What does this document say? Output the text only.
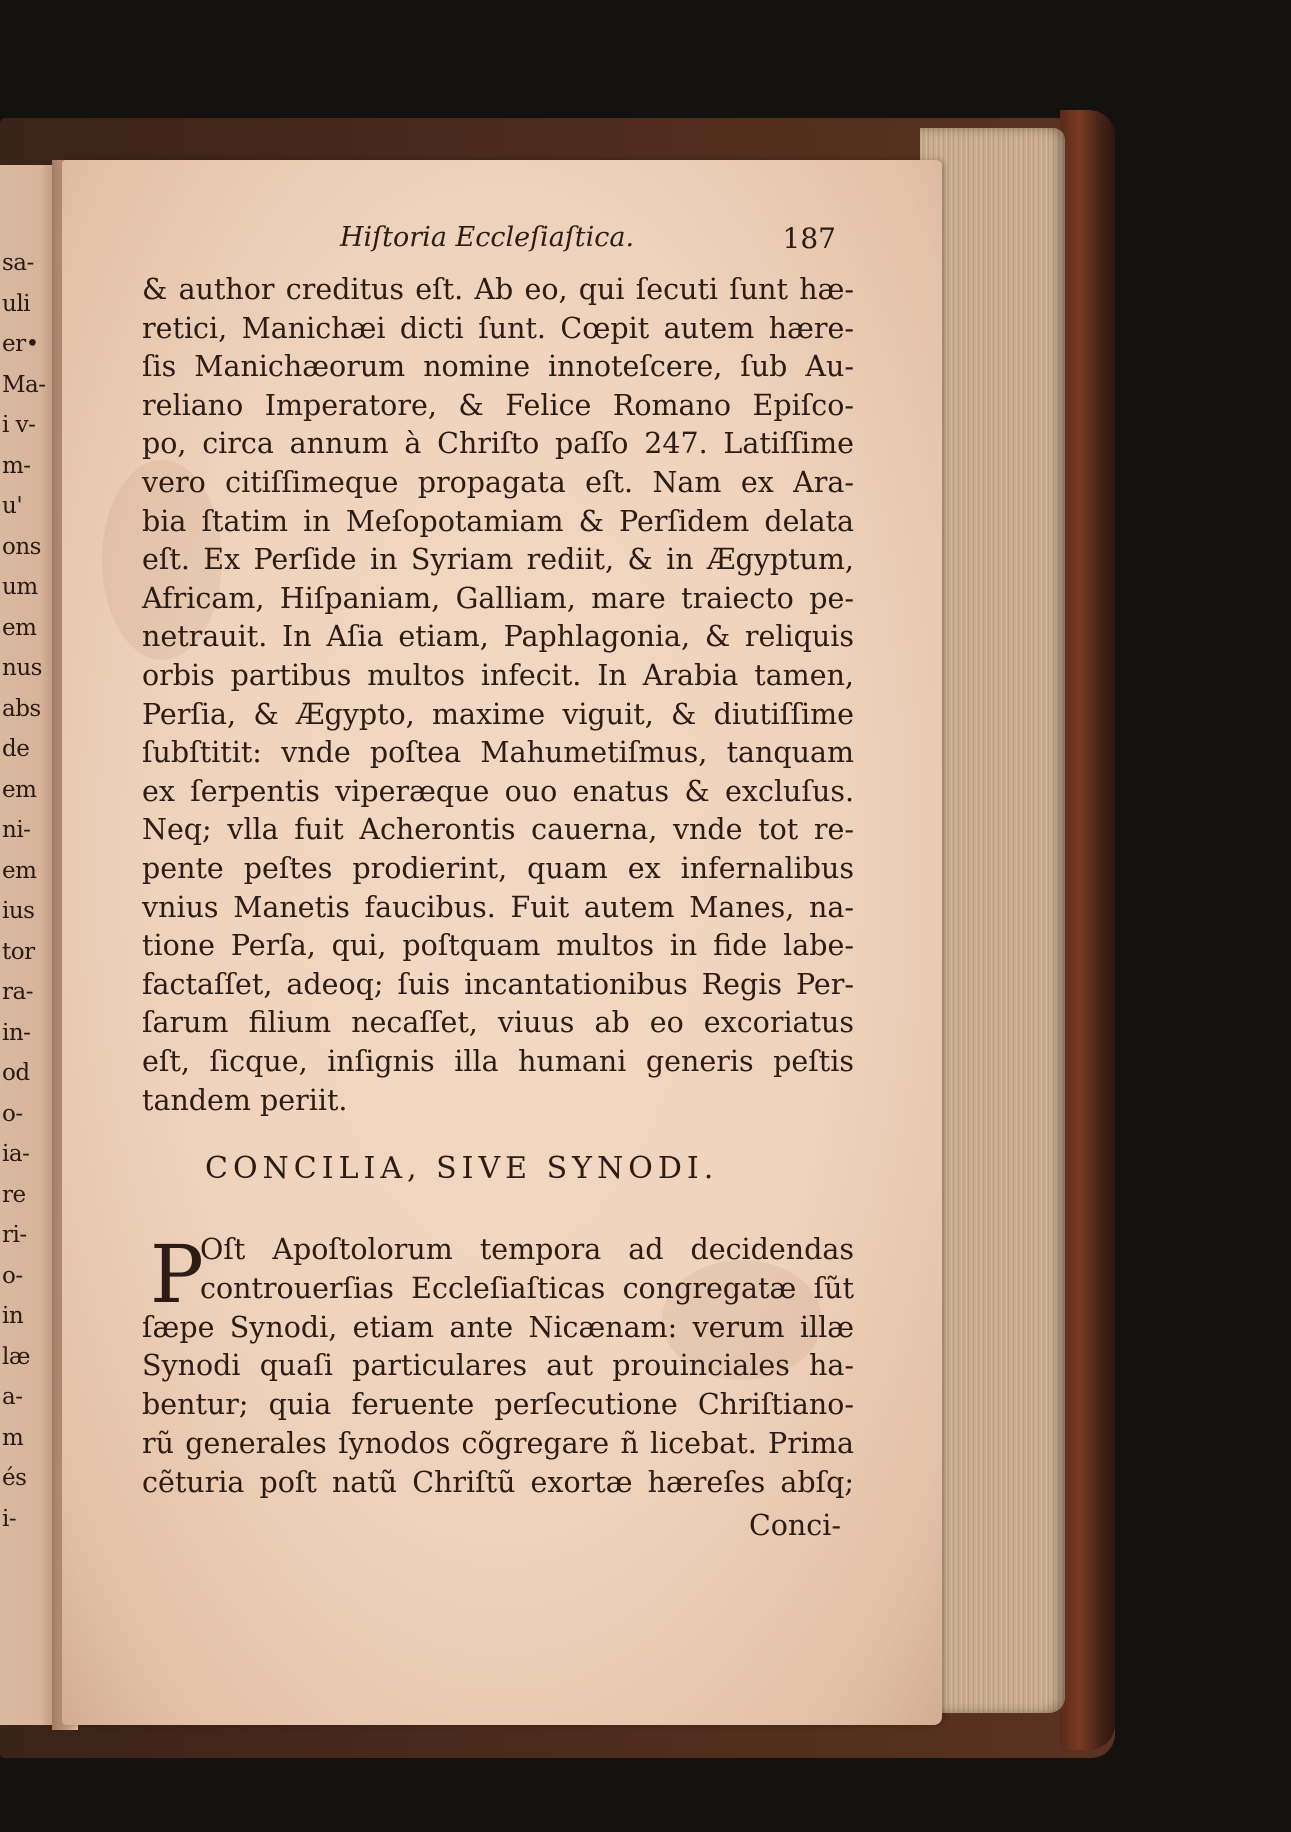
sa-
uli
er•
Ma-
i v-
m-
u'
ons
um
em
nus
abs
de
em
ni-
em
ius
tor
ra-
in-
od
o-
ia-
re
ri-
o-
in
læ
a-
m
és
i-
Hiſtoria Eccleſiaſtica.	187
& author creditus eſt. Ab eo, qui ſecuti ſunt hæ-
retici, Manichæi dicti ſunt. Cœpit autem hære-
ſis Manichæorum nomine innoteſcere, ſub Au-
reliano Imperatore, & Felice Romano Epiſco-
po, circa annum à Chriſto paſſo 247. Latiſſime
vero citiſſimeque propagata eſt. Nam ex Ara-
bia ſtatim in Meſopotamiam & Perſidem delata
eſt. Ex Perſide in Syriam rediit, & in Ægyptum,
Africam, Hiſpaniam, Galliam, mare traiecto pe-
netrauit. In Aſia etiam, Paphlagonia, & reliquis
orbis partibus multos infecit. In Arabia tamen,
Perſia, & Ægypto, maxime viguit, & diutiſſime
ſubſtitit: vnde poſtea Mahumetiſmus, tanquam
ex ſerpentis viperæque ouo enatus & excluſus.
Neq; vlla fuit Acherontis cauerna, vnde tot re-
pente peſtes prodierint, quam ex infernalibus
vnius Manetis faucibus. Fuit autem Manes, na-
tione Perſa, qui, poſtquam multos in fide labe-
factaſſet, adeoq; ſuis incantationibus Regis Per-
ſarum filium necaſſet, viuus ab eo excoriatus
eſt, ſicque, inſignis illa humani generis peſtis
tandem periit.
CONCILIA, SIVE SYNODI.
P
Oſt Apoſtolorum tempora ad decidendas
controuerſias Eccleſiaſticas congregatæ ſũt
ſæpe Synodi, etiam ante Nicænam: verum illæ
Synodi quaſi particulares aut prouinciales ha-
bentur; quia feruente perſecutione Chriſtiano-
rũ generales ſynodos cõgregare ñ licebat. Prima
cẽturia poſt natũ Chriſtũ exortæ hæreſes abſq;
Conci-
